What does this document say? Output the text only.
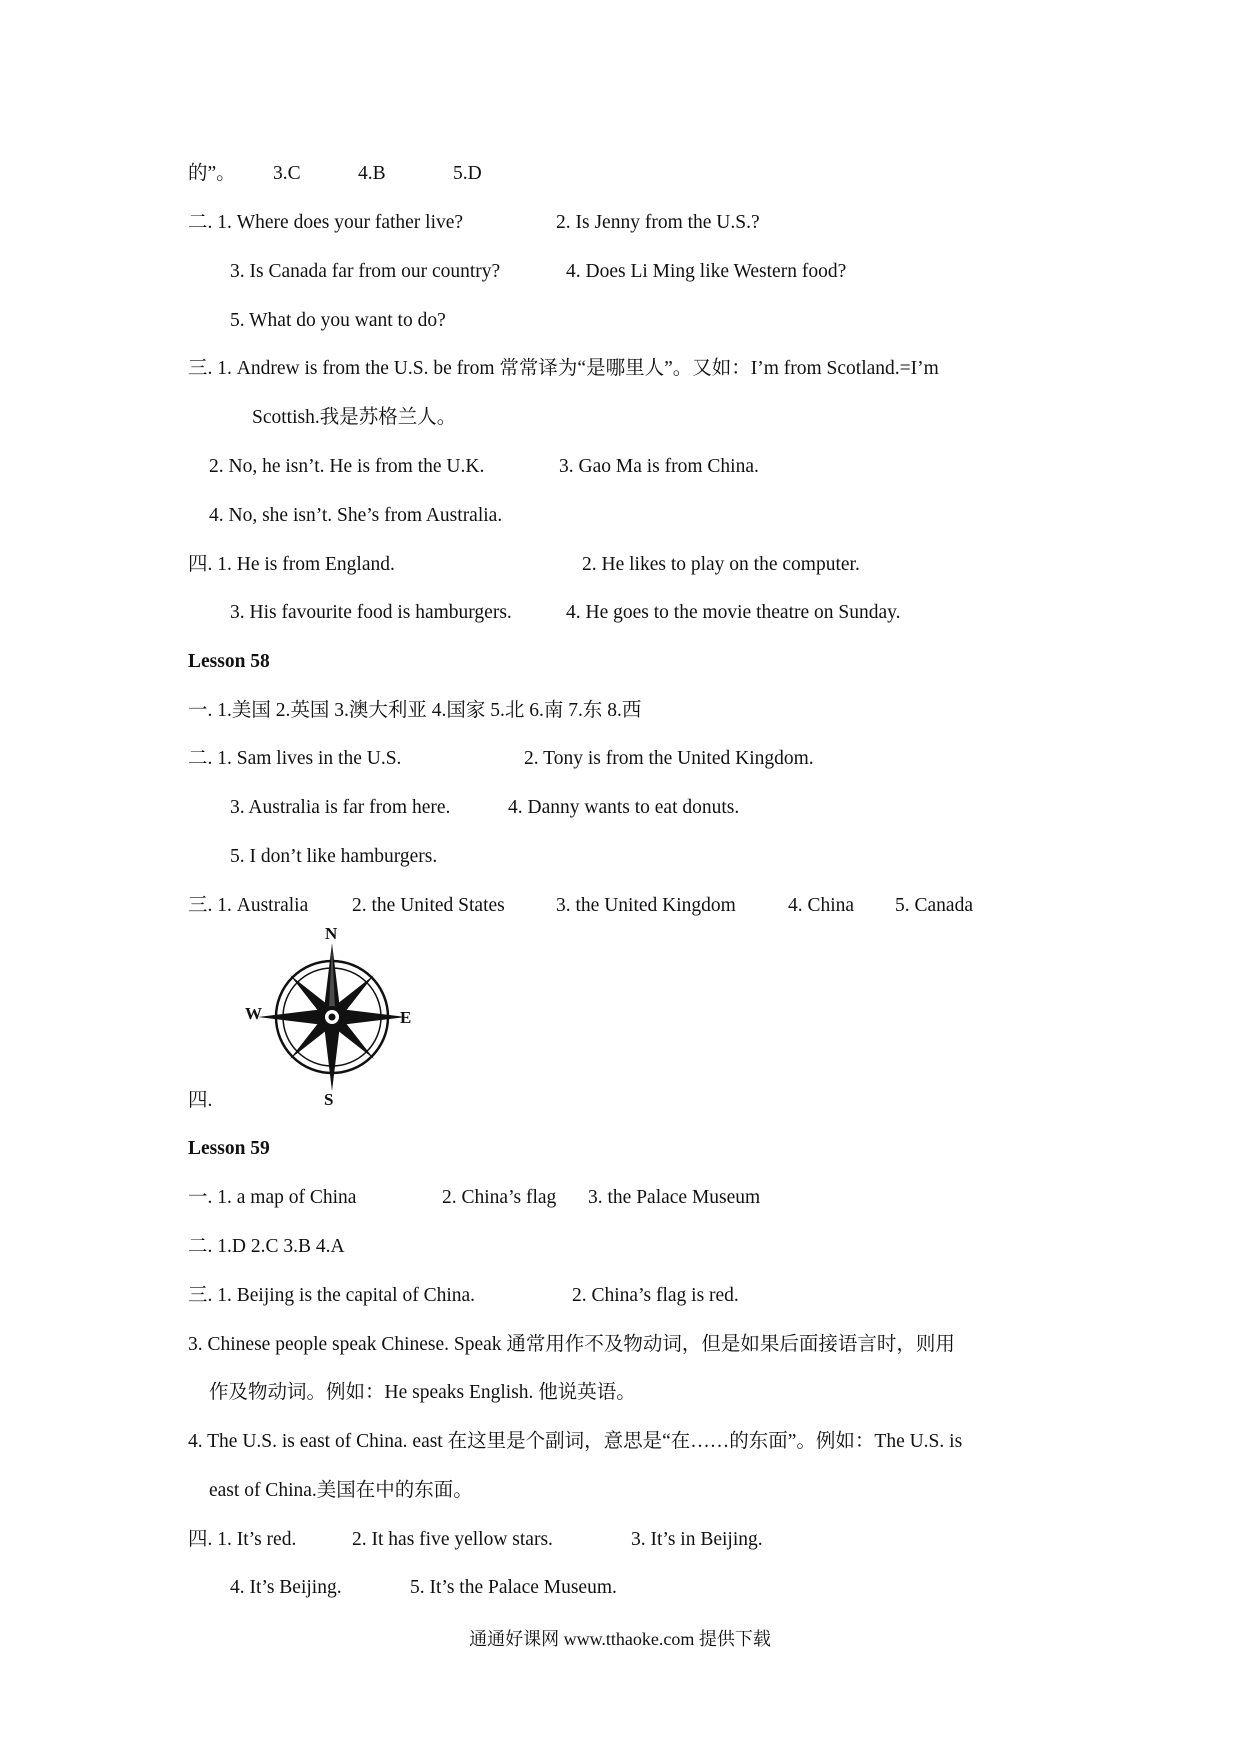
的”。 3.C	4.B	5.D
二. 1. Where does your father live?	2. Is Jenny from the U.S.?
3. Is Canada far from our country?	4. Does Li Ming like Western food?
5. What do you want to do?
三. 1. Andrew is from the U.S. be from 常常译为“是哪里人”。又如：I’m from Scotland.=I’m
Scottish.我是苏格兰人。
2. No, he isn’t. He is from the U.K.	3. Gao Ma is from China.
4. No, she isn’t. She’s from Australia.
四. 1. He is from England.	2. He likes to play on the computer.
3. His favourite food is hamburgers.	4. He goes to the movie theatre on Sunday.
Lesson 58
一. 1.美国 2.英国 3.澳大利亚 4.国家 5.北 6.南 7.东 8.西
二. 1. Sam lives in the U.S.	2. Tony is from the United Kingdom.
3. Australia is far from here.	4. Danny wants to eat donuts.
5. I don’t like hamburgers.
三. 1. Australia 2. the United States	3. the United Kingdom	4. China 5. Canada
N
E
W
S
四.
Lesson 59
一. 1. a map of China	2. China’s flag 3. the Palace Museum
二. 1.D 2.C 3.B 4.A
三. 1. Beijing is the capital of China.	2. China’s flag is red.
3. Chinese people speak Chinese. Speak 通常用作不及物动词，但是如果后面接语言时，则用
作及物动词。例如：He speaks English. 他说英语。
4. The U.S. is east of China. east 在这里是个副词，意思是“在……的东面”。例如：The U.S. is
east of China.美国在中的东面。
四. 1. It’s red.	2. It has five yellow stars.	3. It’s in Beijing.
4. It’s Beijing.	5. It’s the Palace Museum.
通通好课网 www.tthaoke.com 提供下载
